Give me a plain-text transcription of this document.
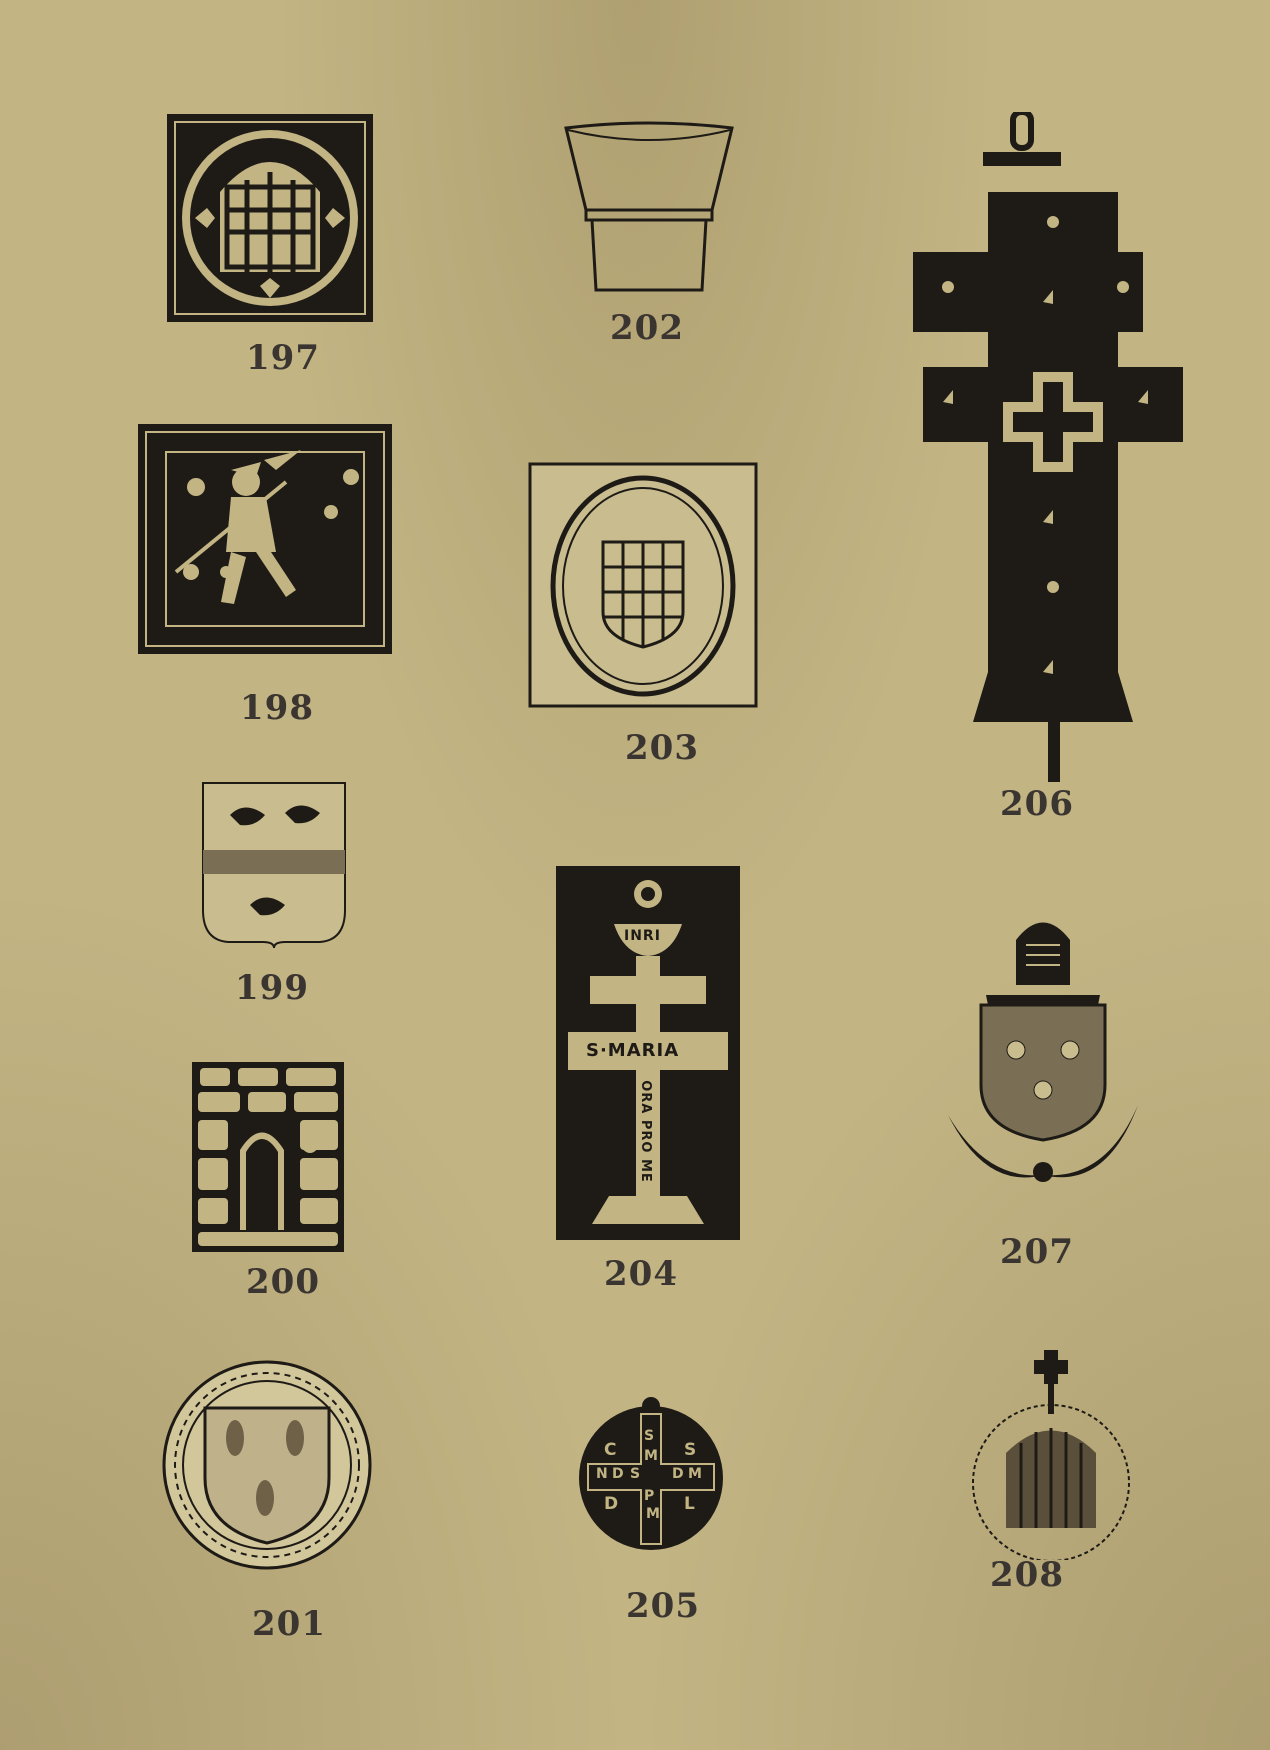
197
198
199
200
201
202
203
INRI
S·MARIA
ORA PRO ME
204
C
S
S
M
D
N D S	M
D P
M L
205
206
207
208
